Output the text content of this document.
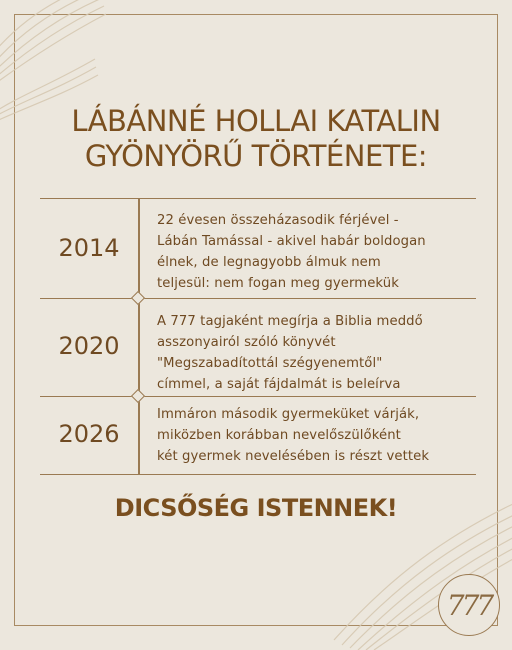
LÁBÁNNÉ HOLLAI KATALIN
GYÖNYÖRŰ TÖRTÉNETE:
2014
22 évesen összeházasodik férjével -
Lábán Tamással - akivel habár boldogan
élnek, de legnagyobb álmuk nem
teljesül: nem fogan meg gyermekük
2020
A 777 tagjaként megírja a Biblia meddő
asszonyairól szóló könyvét
"Megszabadítottál szégyenemtől"
címmel, a saját fájdalmát is beleírva
2026
Immáron második gyermeküket várják,
miközben korábban nevelőszülőként
két gyermek nevelésében is részt vettek
DICSŐSÉG ISTENNEK!
777
